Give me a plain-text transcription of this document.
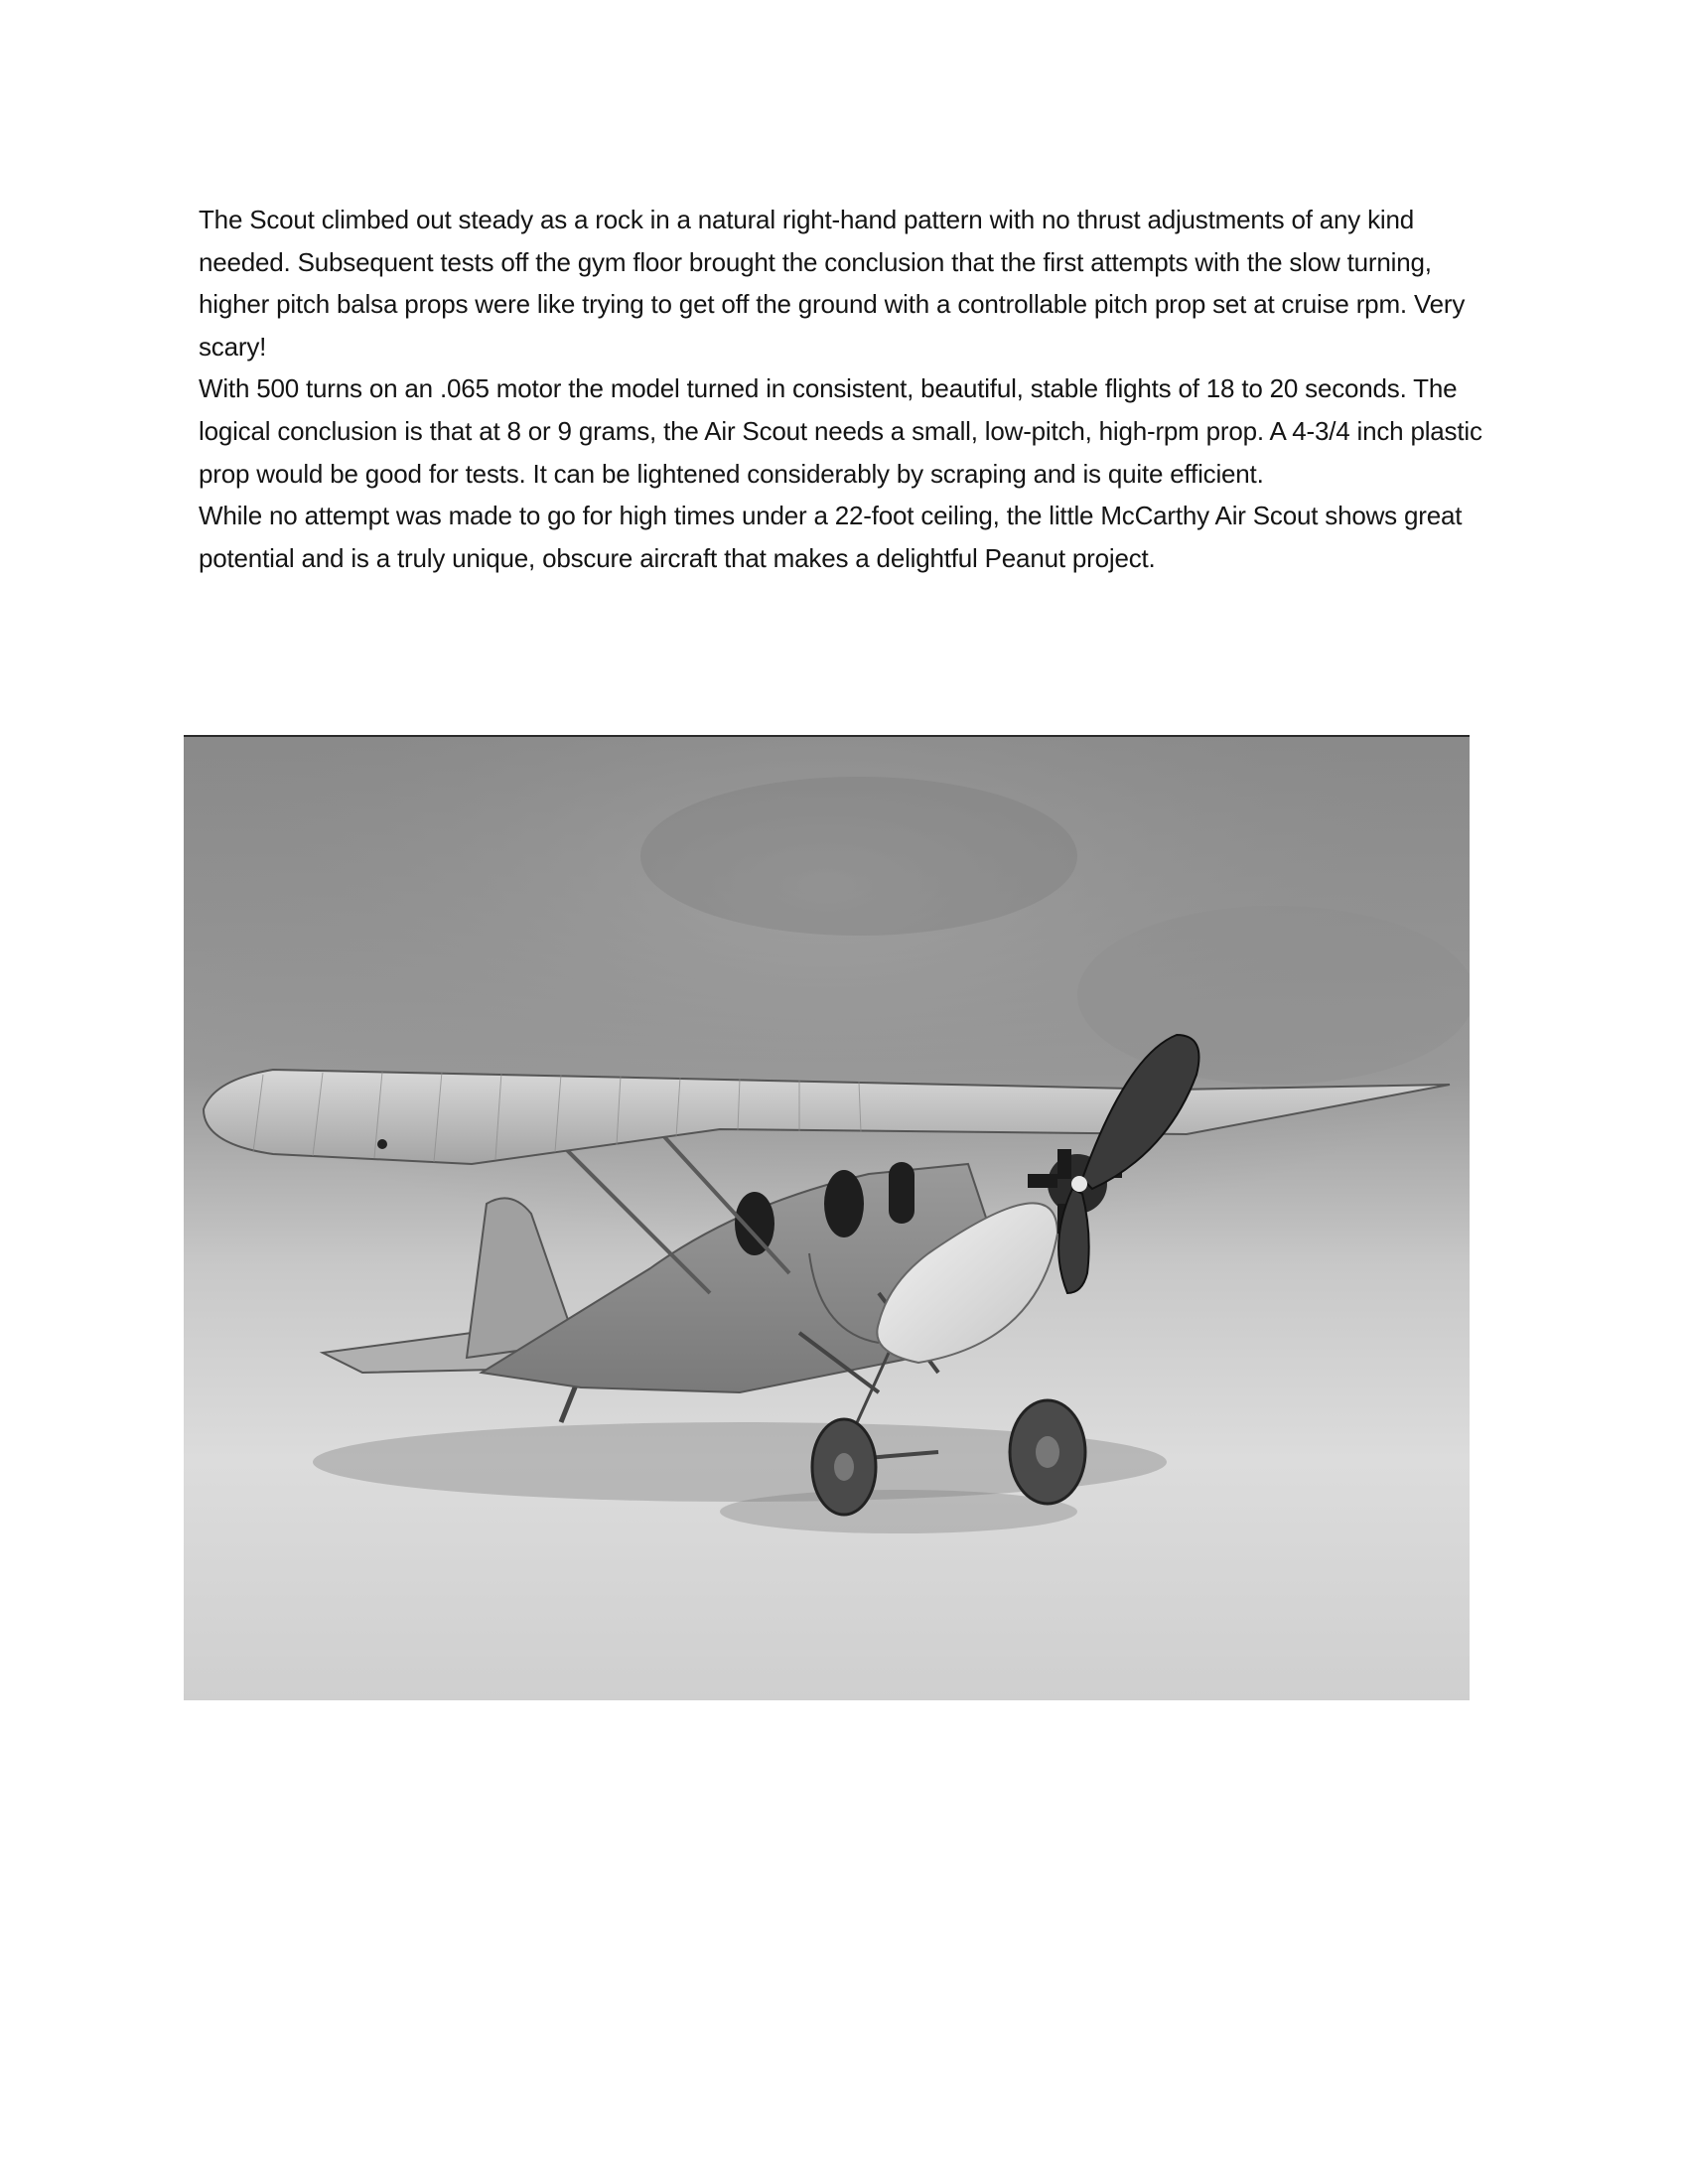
The Scout climbed out steady as a rock in a natural right-hand pattern with no thrust adjustments of any kind needed. Subsequent tests off the gym floor brought the conclusion that the first attempts with the slow turning, higher pitch balsa props were like trying to get off the ground with a controllable pitch prop set at cruise rpm. Very scary!

With 500 turns on an .065 motor the model turned in consistent, beautiful, stable flights of 18 to 20 seconds. The logical conclusion is that at 8 or 9 grams, the Air Scout needs a small, low-pitch, high-rpm prop. A 4-3/4 inch plastic prop would be good for tests. It can be lightened considerably by scraping and is quite efficient.

While no attempt was made to go for high times under a 22-foot ceiling, the little McCarthy Air Scout shows great potential and is a truly unique, obscure aircraft that makes a delightful Peanut project.
